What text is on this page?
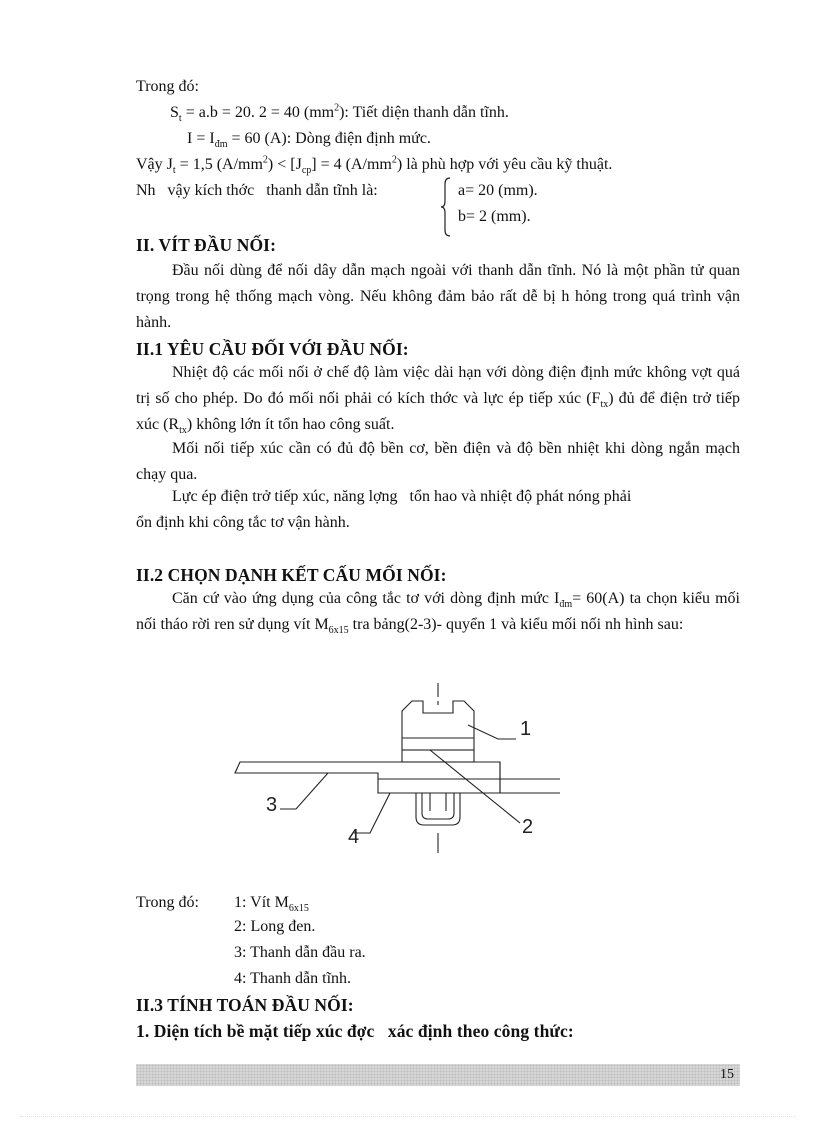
Trong đó:
$S_t = a.b = 20$. 2 = 40 $(mm^2)$: Tiết diện thanh dẫn tĩnh.
$I = I_{đm} = 60$ (A): Dòng điện định mức.
Vậy $J_t = 1,5$ $(A/mm^2) < [J_{cp}] = 4$ $(A/mm^2)$ là phù hợp với yêu cầu kỹ thuật.
Nh   vậy kích thớc   thanh dẫn tĩnh là:	a= 20 (mm).
b= 2 (mm).
II. VÍT ĐẦU NỐI:
Đầu nối dùng để nối dây dẫn mạch ngoài với thanh dẫn tĩnh. Nó là một phần tử quan trọng trong hệ thống mạch vòng. Nếu không đảm bảo rất dễ bị h hỏng trong quá trình vận hành.
II.1 YÊU CẦU ĐỐI VỚI ĐẦU NỐI:
Nhiệt độ các mối nối ở chế độ làm việc dài hạn với dòng điện định mức không vợt quá trị số cho phép. Do đó mối nối phải có kích thớc và lực ép tiếp xúc $(F_{tx})$ đủ để điện trở tiếp xúc $(R_{tx})$ không lớn ít tổn hao công suất.
Mối nối tiếp xúc cần có đủ độ bền cơ, bền điện và độ bền nhiệt khi dòng ngắn mạch chạy qua.
Lực ép điện trở tiếp xúc, năng lợng   tổn hao và nhiệt độ phát nóng phải
ổn định khi công tắc tơ vận hành.
II.2 CHỌN DẠNH KẾT CẤU MỐI NỐI:
Căn cứ vào ứng dụng của công tắc tơ với dòng định mức $I_{đm}= 60(A)$ ta chọn kiểu mối nối tháo rời ren sử dụng vít $M_{6x15}$ tra bảng(2-3)- quyển 1 và kiểu mối nối nh hình sau:
1
2
3
4
Trong đó: 1: Vít $M_{6x15}$
2: Long đen.
3: Thanh dẫn đầu ra.
4: Thanh dẫn tĩnh.
II.3 TÍNH TOÁN ĐẦU NỐI:
1. Diện tích bề mặt tiếp xúc đợc   xác định theo công thức:
15
